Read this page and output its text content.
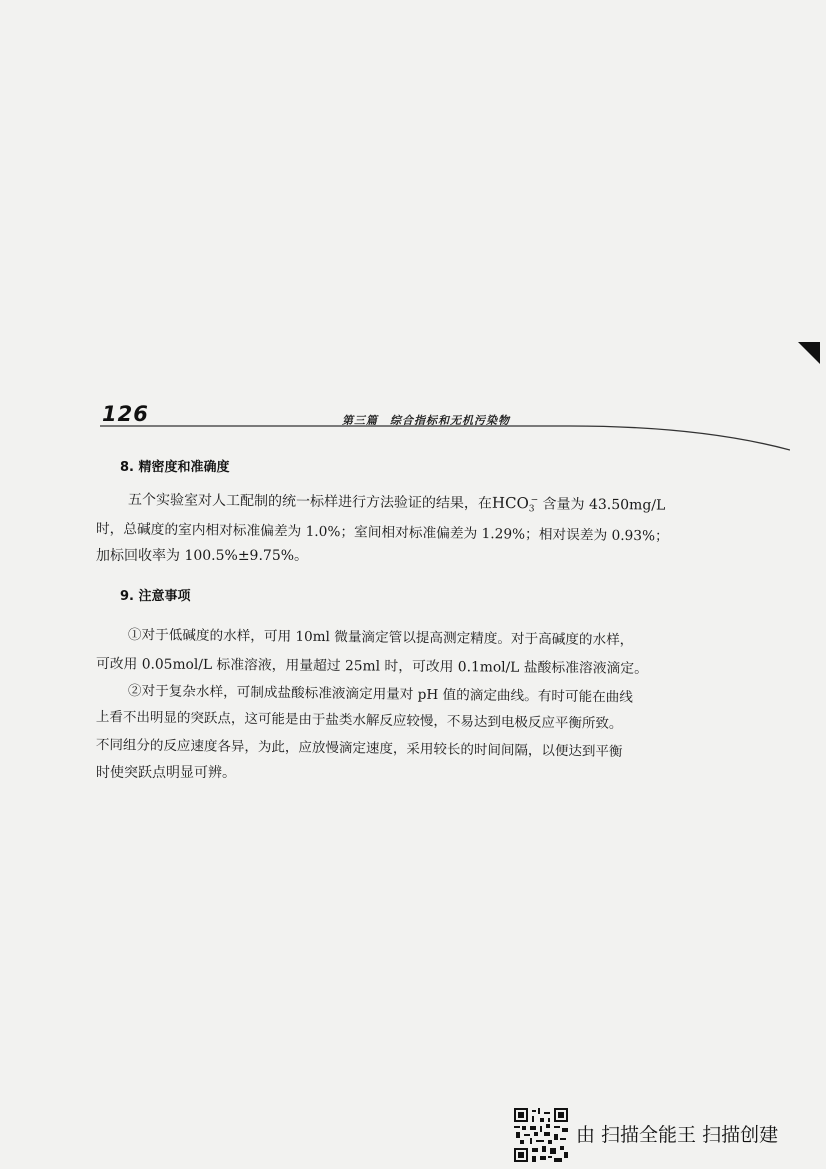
126	第三篇　综合指标和无机污染物
8. 精密度和准确度
五个实验室对人工配制的统一标样进行方法验证的结果，在$HCO_3^-$ 含量为 43.50mg/L
时，总碱度的室内相对标准偏差为 1.0%；室间相对标准偏差为 1.29%；相对误差为 0.93%；
加标回收率为 100.5%±9.75%。
9. 注意事项
①对于低碱度的水样，可用 10ml 微量滴定管以提高测定精度。对于高碱度的水样，
可改用 0.05mol/L 标准溶液，用量超过 25ml 时，可改用 0.1mol/L 盐酸标准溶液滴定。
②对于复杂水样，可制成盐酸标准液滴定用量对 pH 值的滴定曲线。有时可能在曲线
上看不出明显的突跃点，这可能是由于盐类水解反应较慢，不易达到电极反应平衡所致。
不同组分的反应速度各异，为此，应放慢滴定速度，采用较长的时间间隔，以便达到平衡
时使突跃点明显可辨。
由 扫描全能王 扫描创建
